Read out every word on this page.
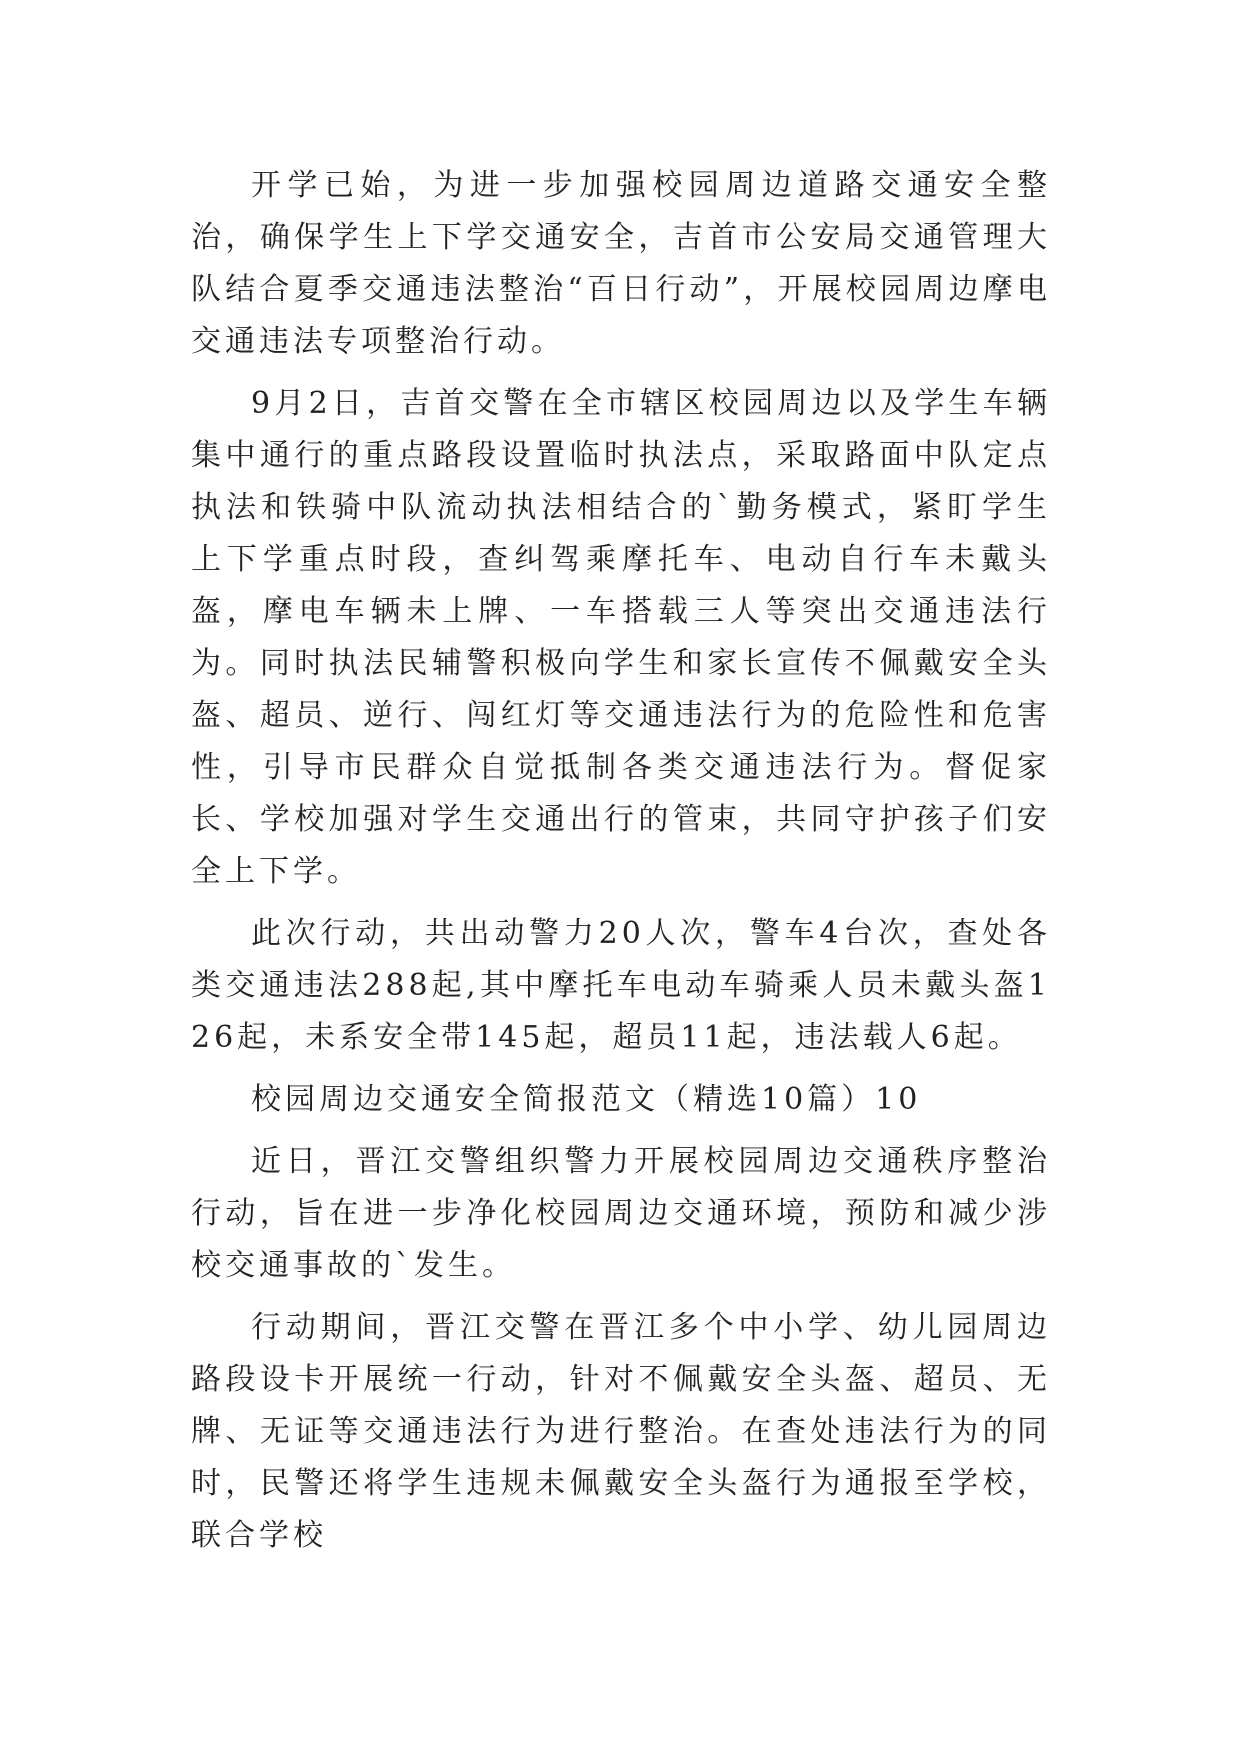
开学已始，为进一步加强校园周边道路交通安全整治，确保学生上下学交通安全，吉首市公安局交通管理大队结合夏季交通违法整治“百日行动”，开展校园周边摩电交通违法专项整治行动。

9月2日，吉首交警在全市辖区校园周边以及学生车辆集中通行的重点路段设置临时执法点，采取路面中队定点执法和铁骑中队流动执法相结合的`勤务模式，紧盯学生上下学重点时段，查纠驾乘摩托车、电动自行车未戴头盔，摩电车辆未上牌、一车搭载三人等突出交通违法行为。同时执法民辅警积极向学生和家长宣传不佩戴安全头盔、超员、逆行、闯红灯等交通违法行为的危险性和危害性，引导市民群众自觉抵制各类交通违法行为。督促家长、学校加强对学生交通出行的管束，共同守护孩子们安全上下学。

此次行动，共出动警力20人次，警车4台次，查处各类交通违法288起,其中摩托车电动车骑乘人员未戴头盔126起，未系安全带145起，超员11起，违法载人6起。

校园周边交通安全简报范文（精选10篇）10

近日，晋江交警组织警力开展校园周边交通秩序整治行动，旨在进一步净化校园周边交通环境，预防和减少涉校交通事故的`发生。

行动期间，晋江交警在晋江多个中小学、幼儿园周边路段设卡开展统一行动，针对不佩戴安全头盔、超员、无牌、无证等交通违法行为进行整治。在查处违法行为的同时，民警还将学生违规未佩戴安全头盔行为通报至学校，联合学校
